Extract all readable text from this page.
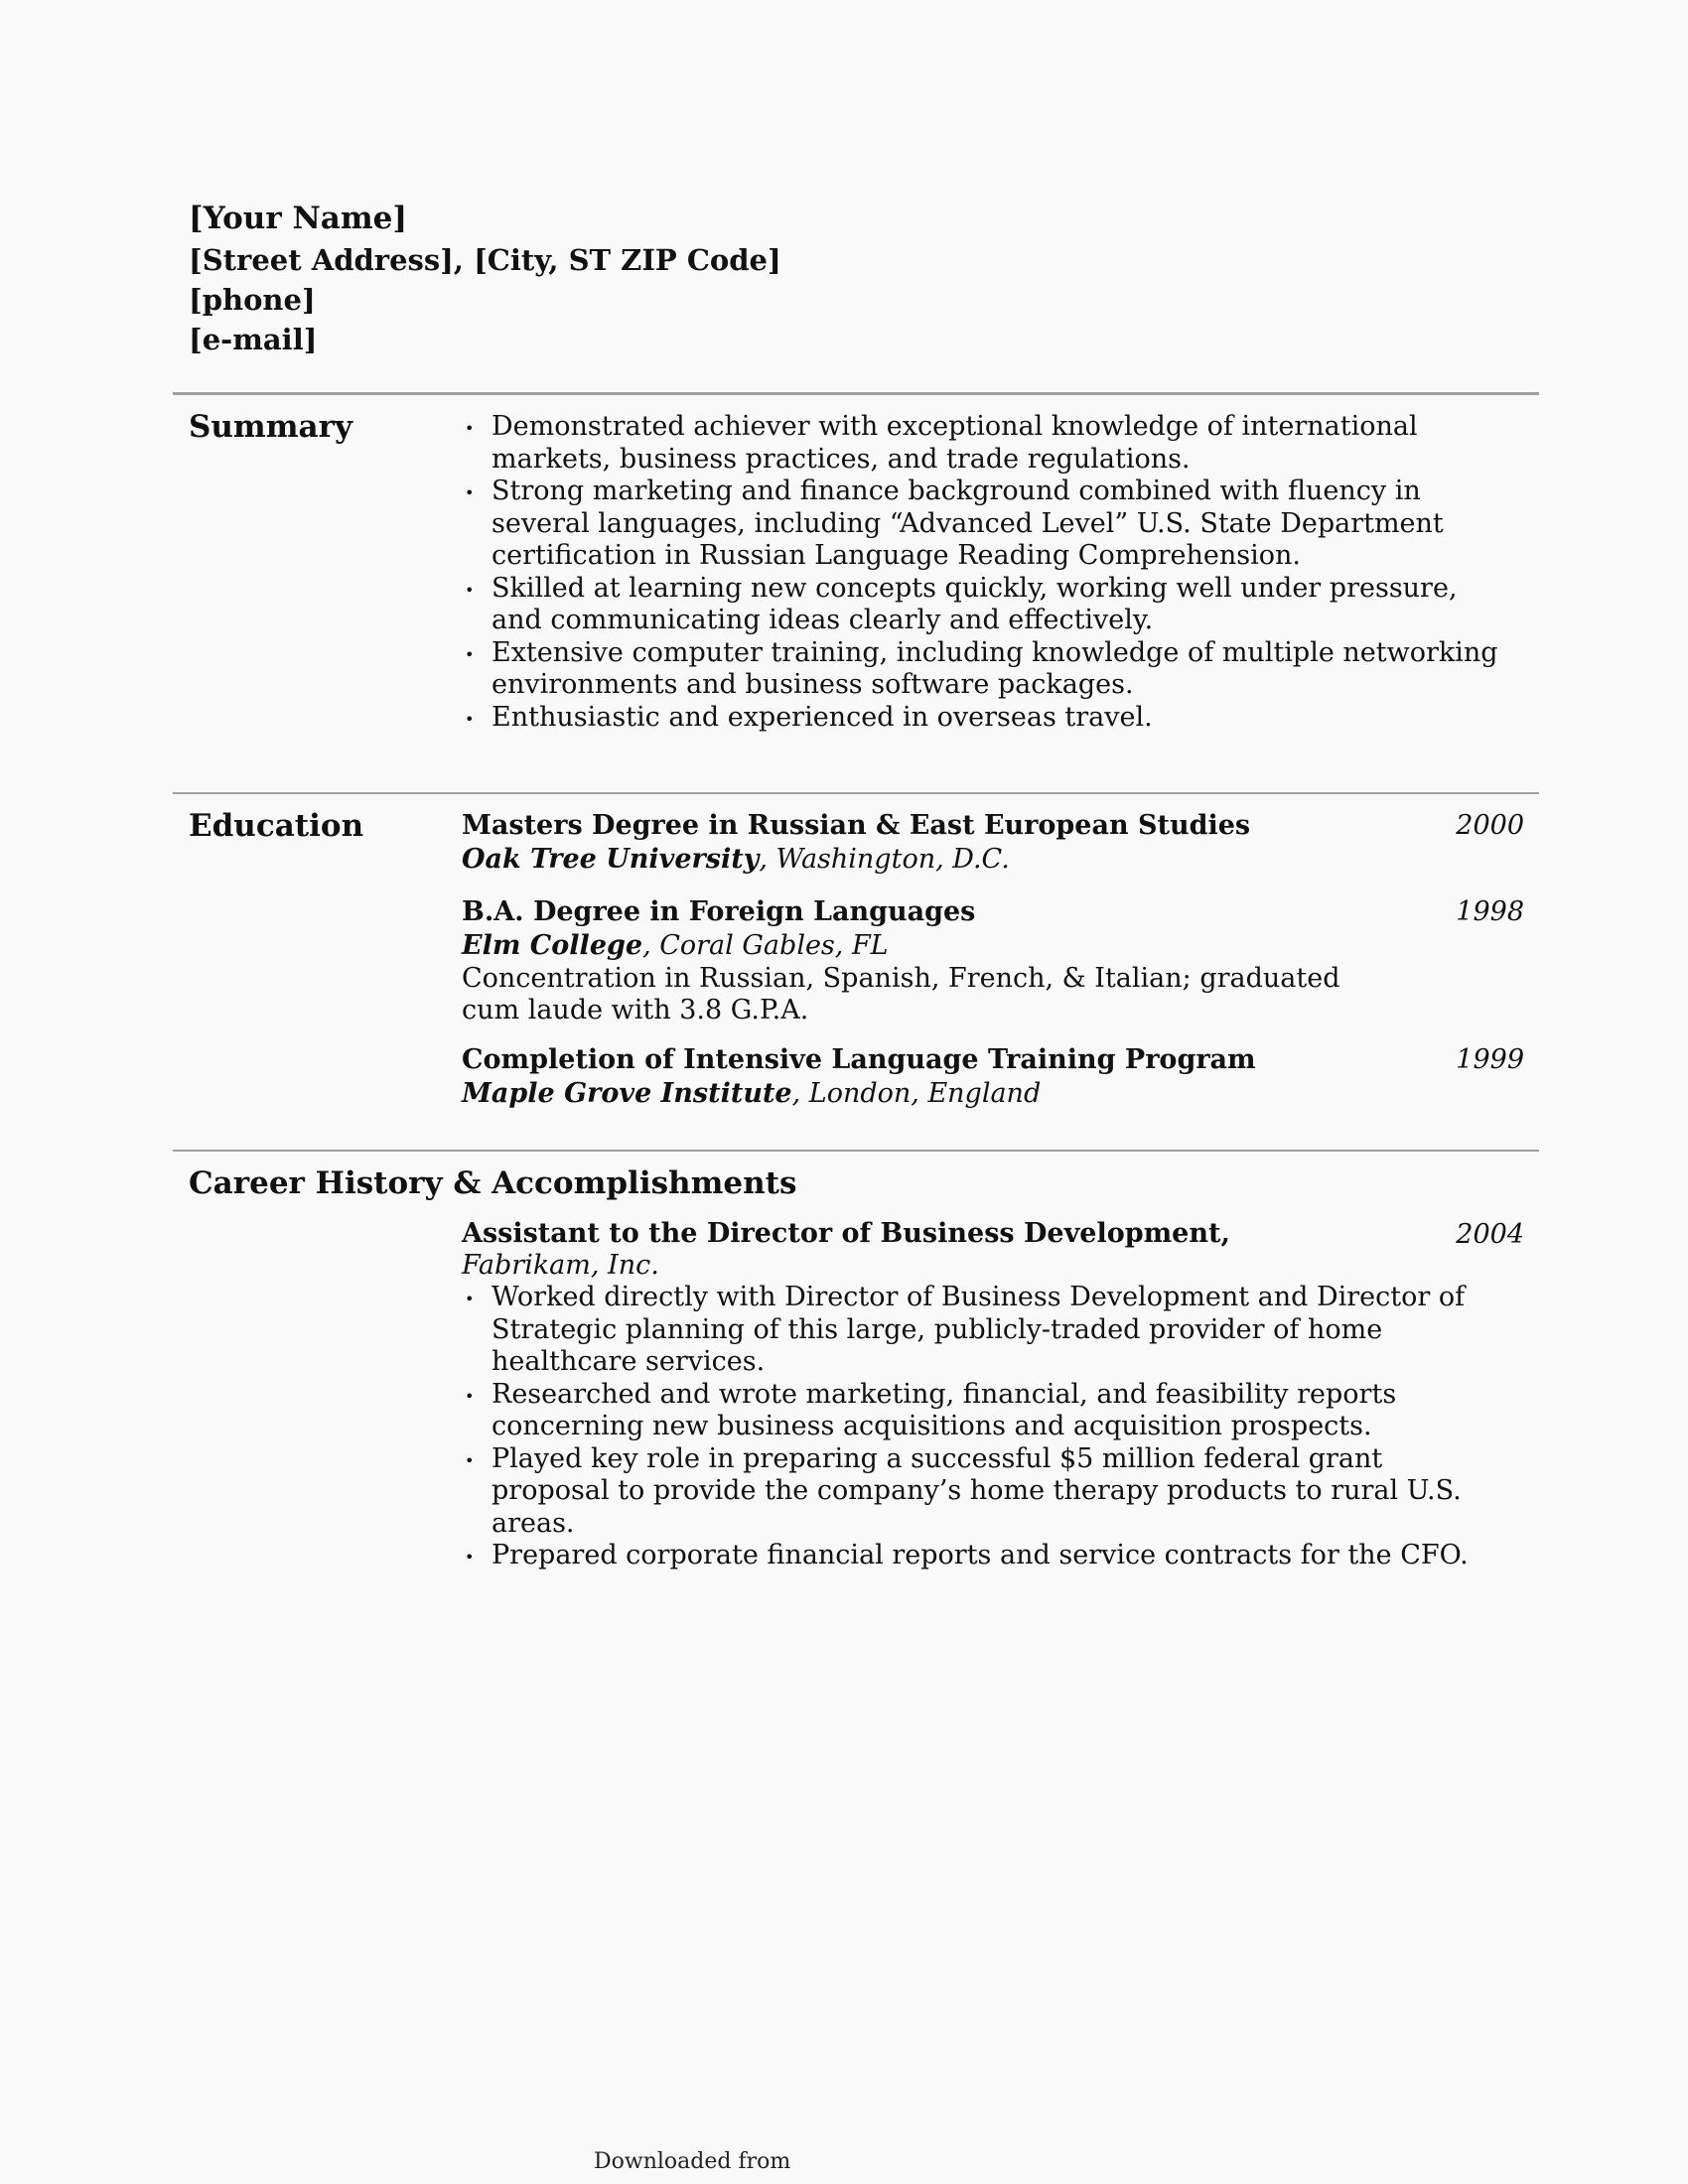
[Your Name]
[Street Address], [City, ST ZIP Code]
[phone]
[e-mail]
Summary	• Demonstrated achiever with exceptional knowledge of international markets, business practices, and trade regulations.
• Strong marketing and finance background combined with fluency in several languages, including “Advanced Level” U.S. State Department certification in Russian Language Reading Comprehension.
• Skilled at learning new concepts quickly, working well under pressure, and communicating ideas clearly and effectively.
• Extensive computer training, including knowledge of multiple networking environments and business software packages.
• Enthusiastic and experienced in overseas travel.
Education	Masters Degree in Russian & East European Studies
Oak Tree University, Washington, D.C.
2000
B.A. Degree in Foreign Languages
Elm College, Coral Gables, FL
Concentration in Russian, Spanish, French, & Italian; graduated cum laude with 3.8 G.P.A.
1998
Completion of Intensive Language Training Program
Maple Grove Institute, London, England
1999
Career History & Accomplishments
Assistant to the Director of Business Development,
Fabrikam, Inc.
2004
• Worked directly with Director of Business Development and Director of Strategic planning of this large, publicly-traded provider of home healthcare services.
• Researched and wrote marketing, financial, and feasibility reports concerning new business acquisitions and acquisition prospects.
• Played key role in preparing a successful $5 million federal grant proposal to provide the company’s home therapy products to rural U.S. areas.
• Prepared corporate financial reports and service contracts for the CFO.
Downloaded from
